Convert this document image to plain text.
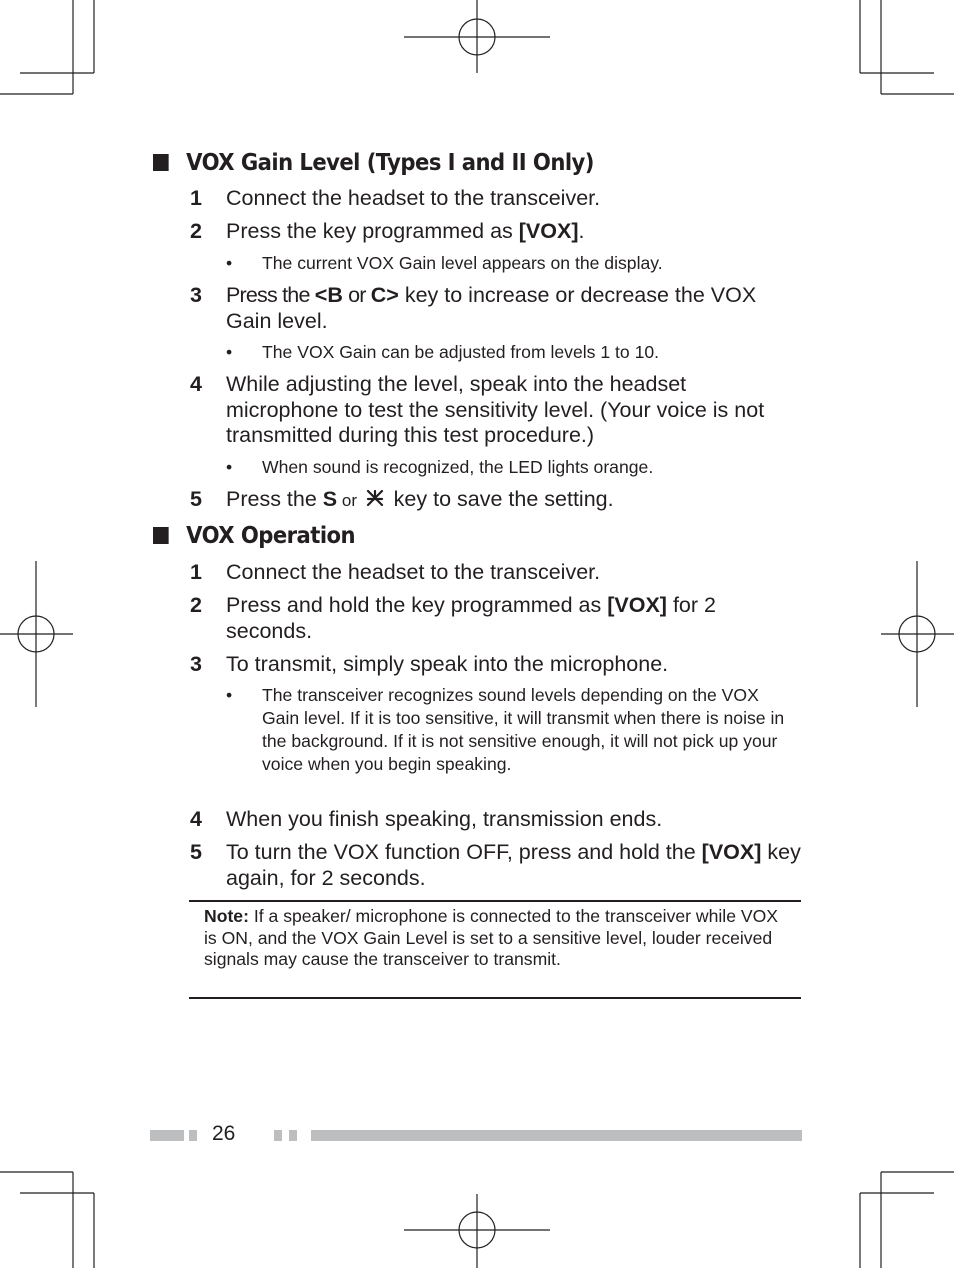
VOX Gain Level (Types I and II Only)
1 Connect the headset to the transceiver.
2 Press the key programmed as [VOX].
• The current VOX Gain level appears on the display.
3 Press the <B or C> key to increase or decrease the VOX Gain level.
• The VOX Gain can be adjusted from levels 1 to 10.
4 While adjusting the level, speak into the headset microphone to test the sensitivity level. (Your voice is not transmitted during this test procedure.)
• When sound is recognized, the LED lights orange.
5 Press the S or  key to save the setting.
VOX Operation
1 Connect the headset to the transceiver.
2 Press and hold the key programmed as [VOX] for 2 seconds.
3 To transmit, simply speak into the microphone.
• The transceiver recognizes sound levels depending on the VOX Gain level. If it is too sensitive, it will transmit when there is noise in the background. If it is not sensitive enough, it will not pick up your voice when you begin speaking.
4 When you finish speaking, transmission ends.
5 To turn the VOX function OFF, press and hold the [VOX] key again, for 2 seconds.
Note: If a speaker/ microphone is connected to the transceiver while VOX is ON, and the VOX Gain Level is set to a sensitive level, louder received signals may cause the transceiver to transmit.
26
